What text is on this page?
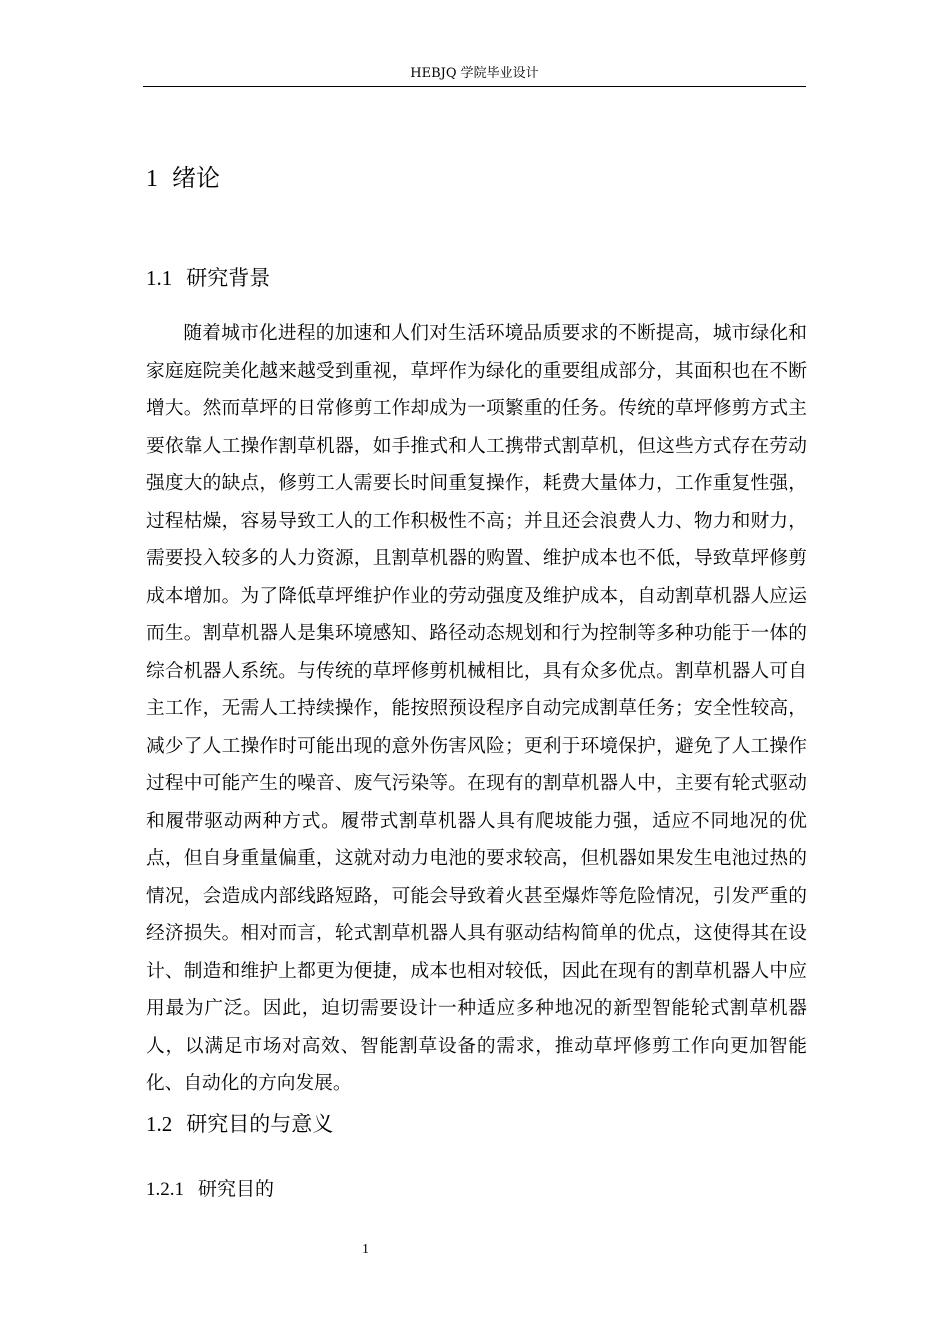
HEBJQ 学院毕业设计
1 绪论
1.1 研究背景

随着城市化进程的加速和人们对生活环境品质要求的不断提高，城市绿化和家庭庭院美化越来越受到重视，草坪作为绿化的重要组成部分，其面积也在不断增大。然而草坪的日常修剪工作却成为一项繁重的任务。传统的草坪修剪方式主要依靠人工操作割草机器，如手推式和人工携带式割草机，但这些方式存在劳动强度大的缺点，修剪工人需要长时间重复操作，耗费大量体力，工作重复性强，过程枯燥，容易导致工人的工作积极性不高；并且还会浪费人力、物力和财力，需要投入较多的人力资源，且割草机器的购置、维护成本也不低，导致草坪修剪成本增加。为了降低草坪维护作业的劳动强度及维护成本，自动割草机器人应运而生。割草机器人是集环境感知、路径动态规划和行为控制等多种功能于一体的综合机器人系统。与传统的草坪修剪机械相比，具有众多优点。割草机器人可自主工作，无需人工持续操作，能按照预设程序自动完成割草任务；安全性较高，减少了人工操作时可能出现的意外伤害风险；更利于环境保护，避免了人工操作过程中可能产生的噪音、废气污染等。在现有的割草机器人中，主要有轮式驱动和履带驱动两种方式。履带式割草机器人具有爬坡能力强，适应不同地况的优点，但自身重量偏重，这就对动力电池的要求较高，但机器如果发生电池过热的情况，会造成内部线路短路，可能会导致着火甚至爆炸等危险情况，引发严重的经济损失。相对而言，轮式割草机器人具有驱动结构简单的优点，这使得其在设计、制造和维护上都更为便捷，成本也相对较低，因此在现有的割草机器人中应用最为广泛。因此，迫切需要设计一种适应多种地况的新型智能轮式割草机器人，以满足市场对高效、智能割草设备的需求，推动草坪修剪工作向更加智能化、自动化的方向发展。

1.2 研究目的与意义
1.2.1 研究目的
1
